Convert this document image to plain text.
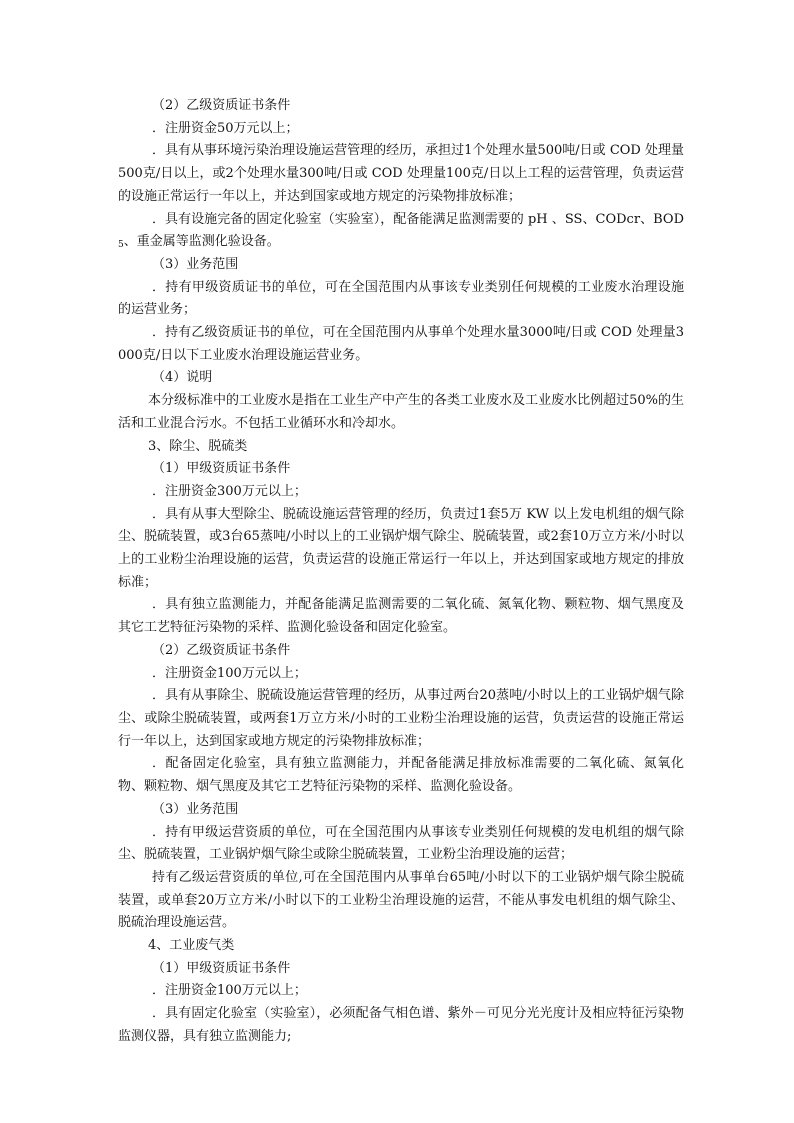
（2）乙级资质证书条件

．注册资金50万元以上；

．具有从事环境污染治理设施运营管理的经历，承担过1个处理水量500吨/日或 COD 处理量500克/日以上，或2个处理水量300吨/日或 COD 处理量100克/日以上工程的运营管理，负责运营的设施正常运行一年以上，并达到国家或地方规定的污染物排放标准；

．具有设施完备的固定化验室（实验室），配备能满足监测需要的 pH 、SS、CODcr、$BOD_5$、重金属等监测化验设备。

（3）业务范围

．持有甲级资质证书的单位，可在全国范围内从事该专业类别任何规模的工业废水治理设施的运营业务；

．持有乙级资质证书的单位，可在全国范围内从事单个处理水量3000吨/日或 COD 处理量3000克/日以下工业废水治理设施运营业务。

（4）说明

本分级标准中的工业废水是指在工业生产中产生的各类工业废水及工业废水比例超过50%的生活和工业混合污水。不包括工业循环水和冷却水。

3、除尘、脱硫类

（1）甲级资质证书条件

．注册资金300万元以上；

．具有从事大型除尘、脱硫设施运营管理的经历，负责过1套5万 KW 以上发电机组的烟气除尘、脱硫装置，或3台65蒸吨/小时以上的工业锅炉烟气除尘、脱硫装置，或2套10万立方米/小时以上的工业粉尘治理设施的运营，负责运营的设施正常运行一年以上，并达到国家或地方规定的排放标准；

．具有独立监测能力，并配备能满足监测需要的二氧化硫、氮氧化物、颗粒物、烟气黑度及其它工艺特征污染物的采样、监测化验设备和固定化验室。

（2）乙级资质证书条件

．注册资金100万元以上；

．具有从事除尘、脱硫设施运营管理的经历，从事过两台20蒸吨/小时以上的工业锅炉烟气除尘、或除尘脱硫装置，或两套1万立方米/小时的工业粉尘治理设施的运营，负责运营的设施正常运行一年以上，达到国家或地方规定的污染物排放标准；

．配备固定化验室，具有独立监测能力，并配备能满足排放标准需要的二氧化硫、氮氧化物、颗粒物、烟气黑度及其它工艺特征污染物的采样、监测化验设备。

（3）业务范围

．持有甲级运营资质的单位，可在全国范围内从事该专业类别任何规模的发电机组的烟气除尘、脱硫装置，工业锅炉烟气除尘或除尘脱硫装置，工业粉尘治理设施的运营；

持有乙级运营资质的单位,可在全国范围内从事单台65吨/小时以下的工业锅炉烟气除尘脱硫装置，或单套20万立方米/小时以下的工业粉尘治理设施的运营，不能从事发电机组的烟气除尘、脱硫治理设施运营。

4、工业废气类

（1）甲级资质证书条件

．注册资金100万元以上；

．具有固定化验室（实验室），必须配备气相色谱、紫外－可见分光光度计及相应特征污染物监测仪器，具有独立监测能力;
